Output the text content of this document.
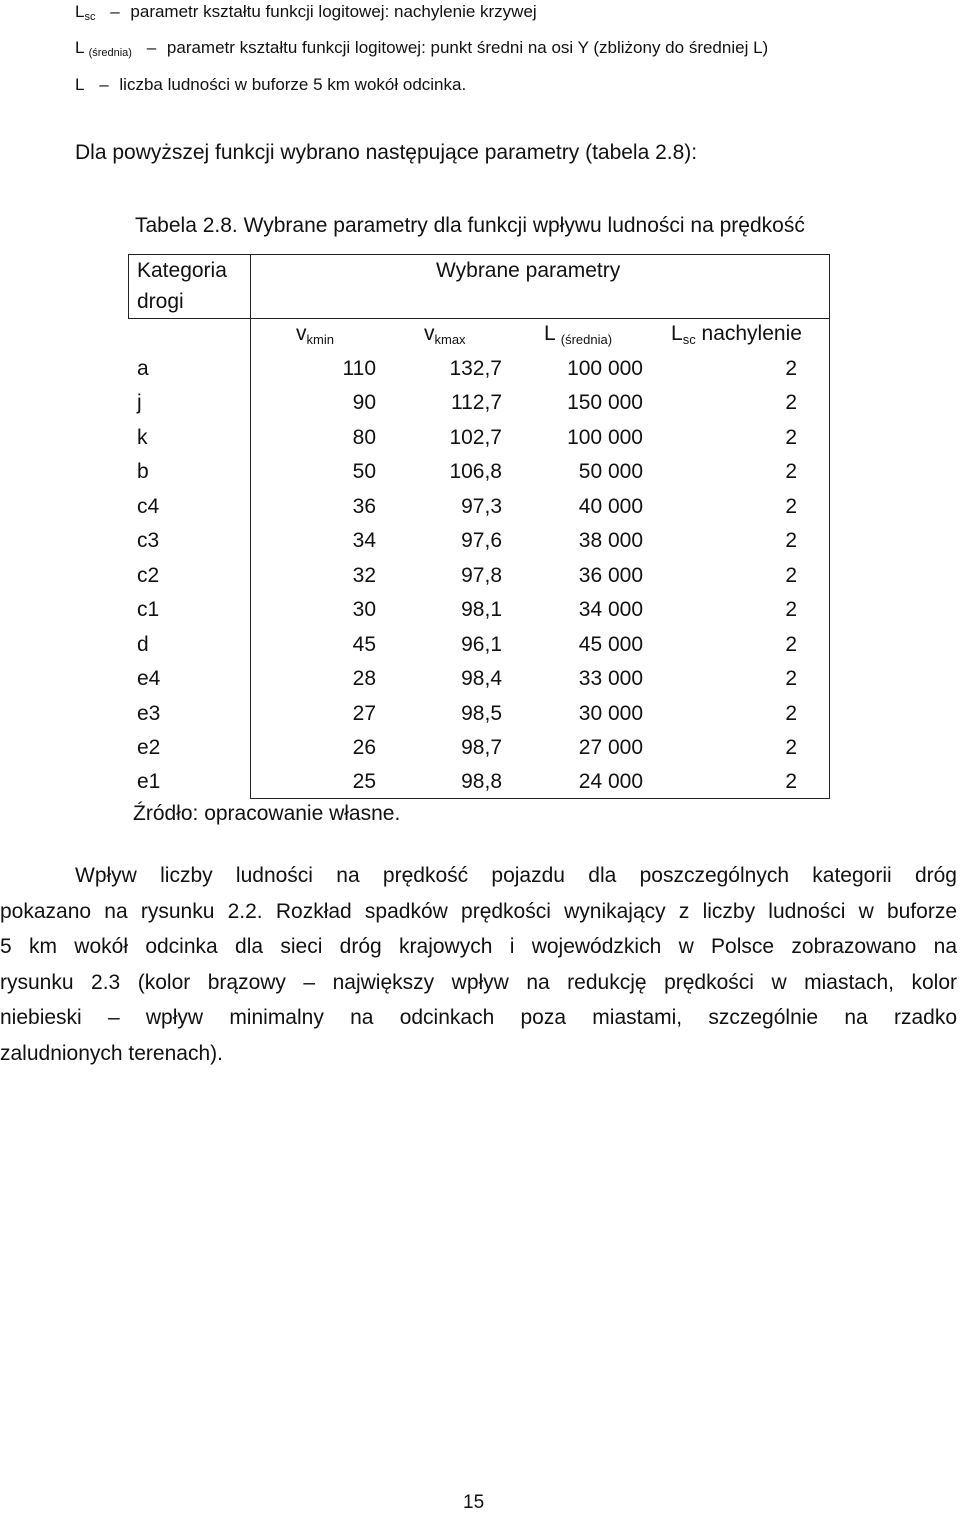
$L_{sc}$ – parametr kształtu funkcji logitowej: nachylenie krzywej
L $_{(średnia)}$ – parametr kształtu funkcji logitowej: punkt średni na osi Y (zbliżony do średniej L)
L – liczba ludności w buforze 5 km wokół odcinka.
Dla powyższej funkcji wybrano następujące parametry (tabela 2.8):
Tabela 2.8. Wybrane parametry dla funkcji wpływu ludności na prędkość
Kategoria
drogi
Wybrane parametry
vkmin	vkmax	L (średnia)	Lsc nachylenie
a	110	132,7	100 000	2
j	90	112,7	150 000	2
k	80	102,7	100 000	2
b	50	106,8	50 000	2
c4	36	97,3	40 000	2
c3	34	97,6	38 000	2
c2	32	97,8	36 000	2
c1	30	98,1	34 000	2
d	45	96,1	45 000	2
e4	28	98,4	33 000	2
e3	27	98,5	30 000	2
e2	26	98,7	27 000	2
e1	25	98,8	24 000	2
Źródło: opracowanie własne.
Wpływ liczby ludności na prędkość pojazdu dla poszczególnych kategorii dróg
pokazano na rysunku 2.2. Rozkład spadków prędkości wynikający z liczby ludności w buforze
5 km wokół odcinka dla sieci dróg krajowych i wojewódzkich w Polsce zobrazowano na
rysunku 2.3 (kolor brązowy – największy wpływ na redukcję prędkości w miastach, kolor
niebieski – wpływ minimalny na odcinkach poza miastami, szczególnie na rzadko
zaludnionych terenach).
15
